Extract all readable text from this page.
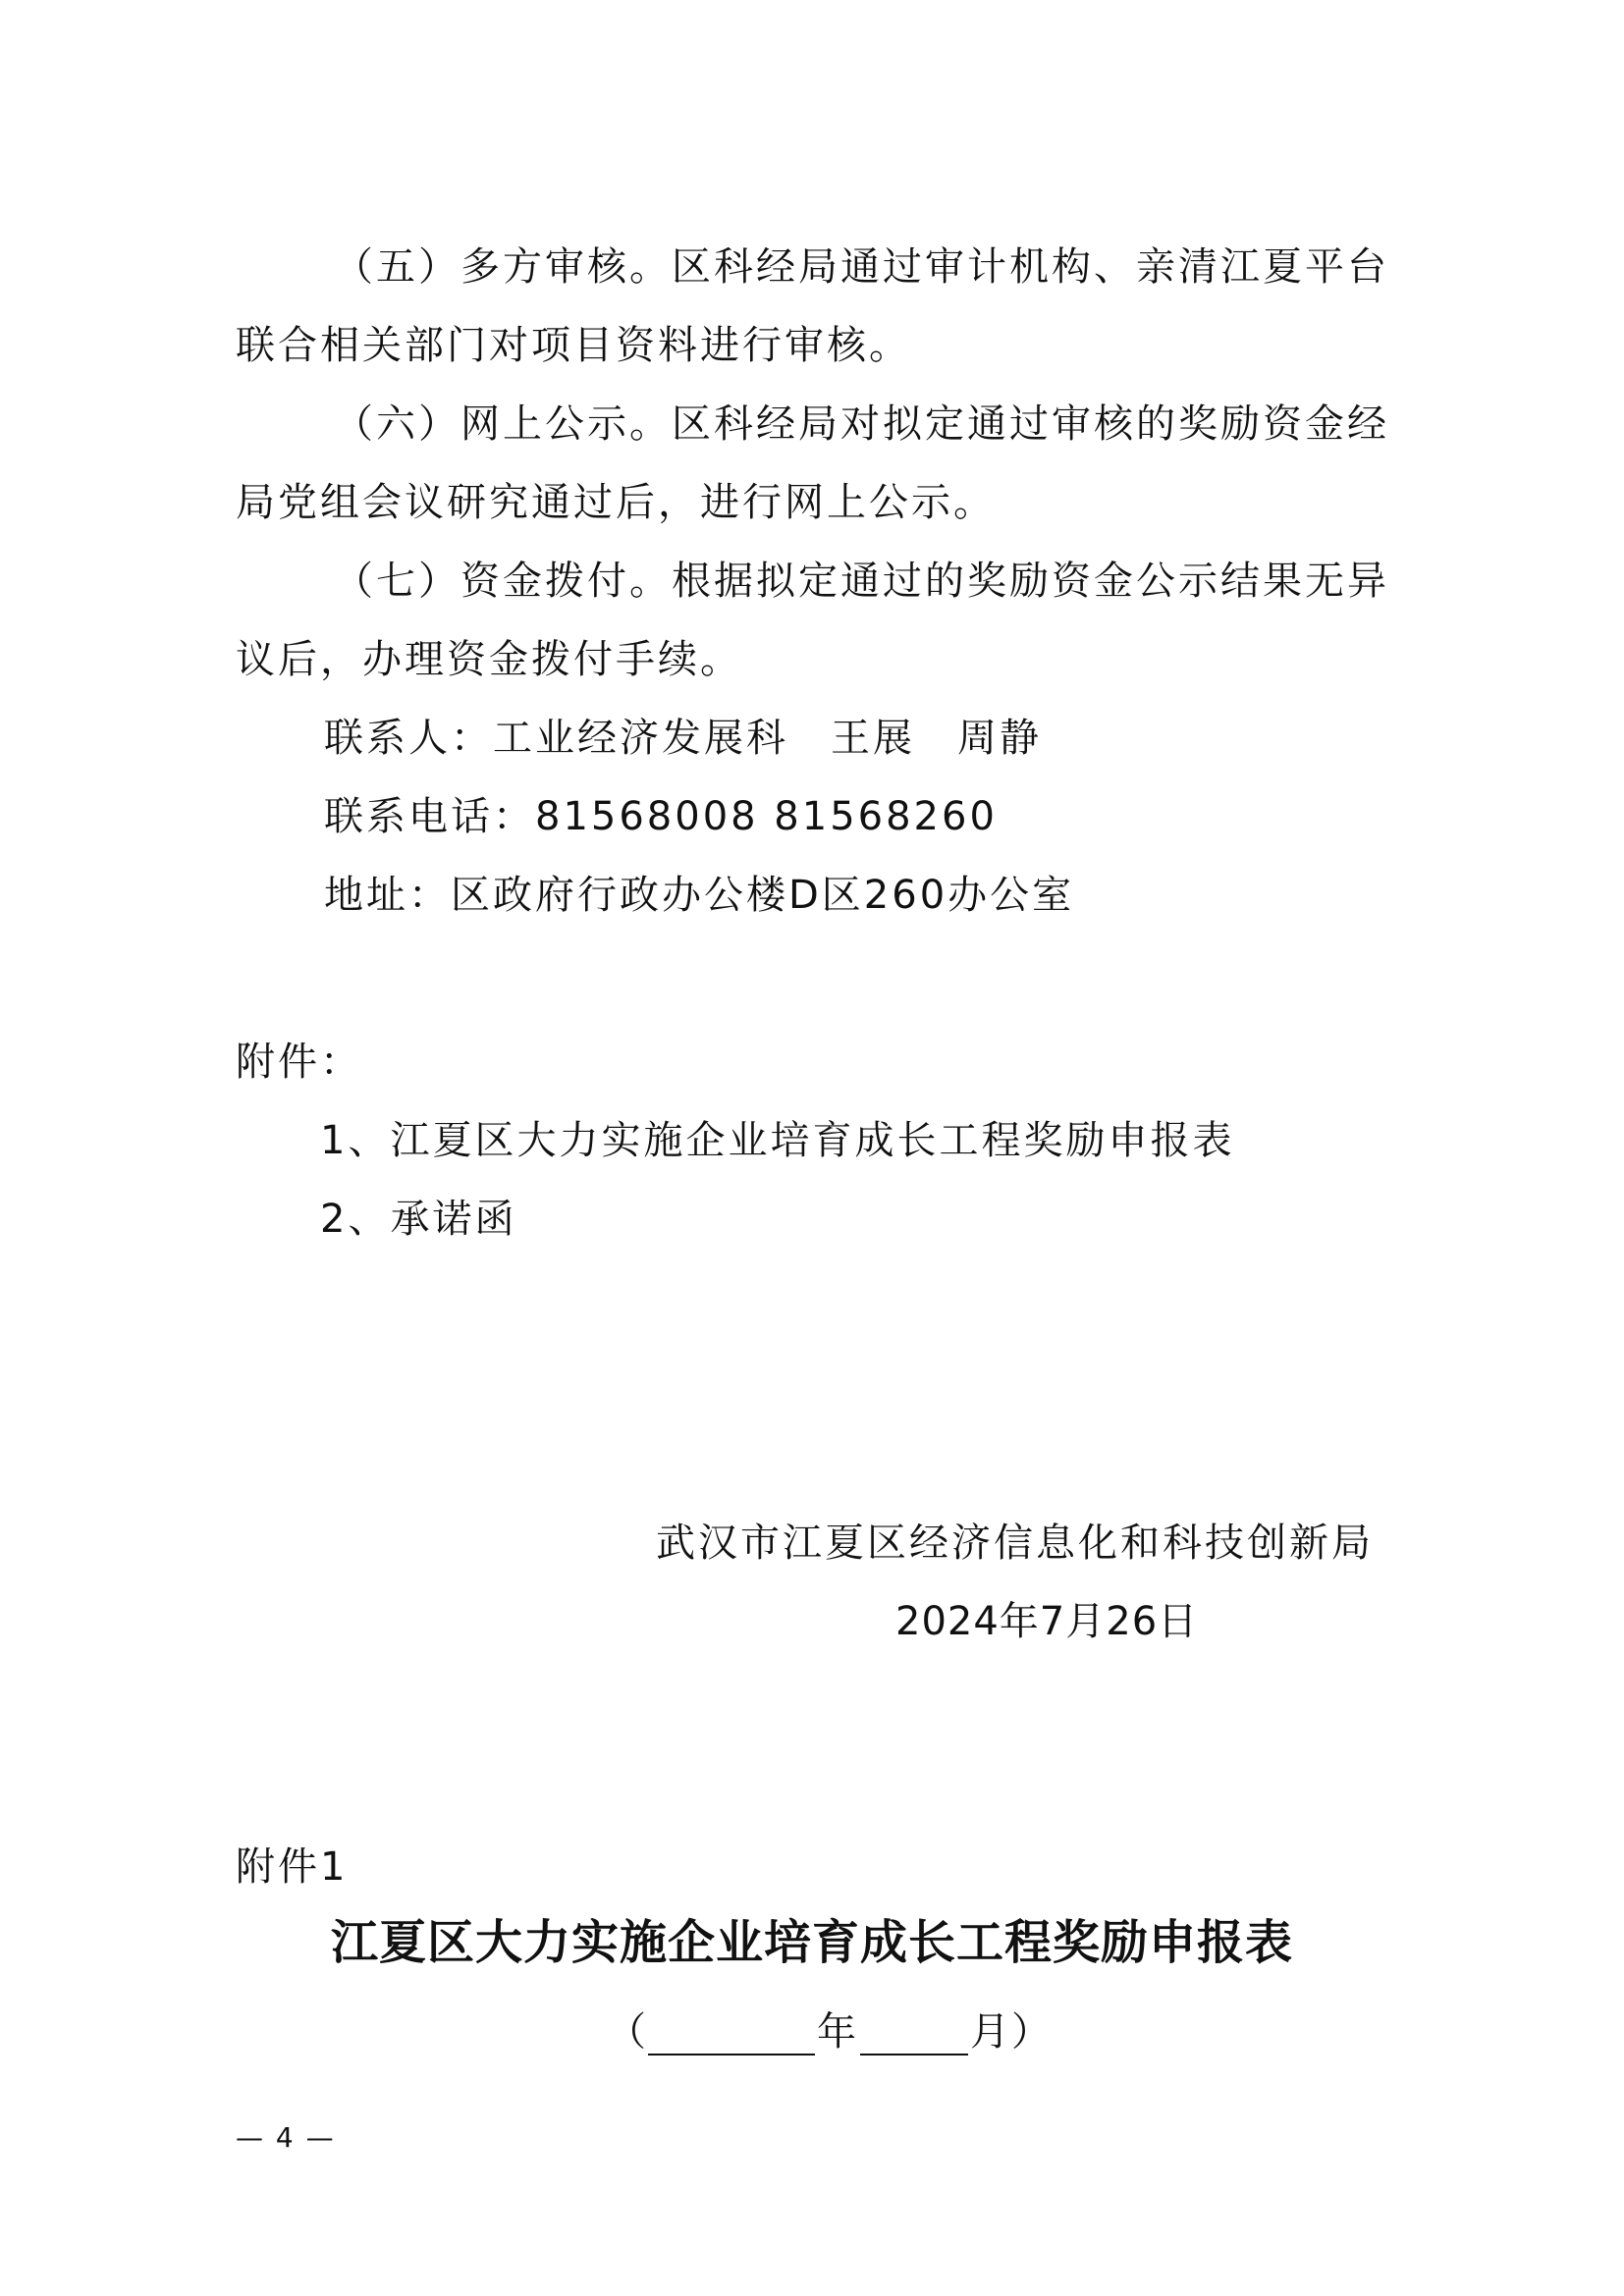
（五）多方审核。区科经局通过审计机构、亲清江夏平台

联合相关部门对项目资料进行审核。

（六）网上公示。区科经局对拟定通过审核的奖励资金经

局党组会议研究通过后，进行网上公示。

（七）资金拨付。根据拟定通过的奖励资金公示结果无异

议后，办理资金拨付手续。

联系人：工业经济发展科　王展　周静

联系电话：81568008 81568260

地址：区政府行政办公楼D区260办公室

附件：

1、江夏区大力实施企业培育成长工程奖励申报表

2、承诺函

武汉市江夏区经济信息化和科技创新局

2024年7月26日

附件1

江夏区大力实施企业培育成长工程奖励申报表
（	年	月 ）
— 4 —
